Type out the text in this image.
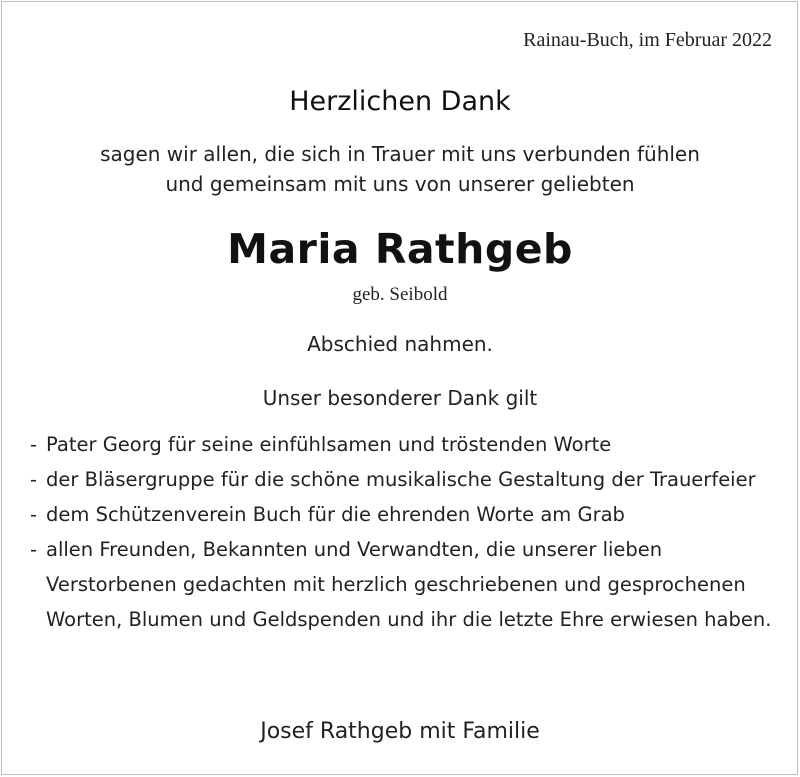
Rainau-Buch, im Februar 2022
Herzlichen Dank
sagen wir allen, die sich in Trauer mit uns verbunden fühlen
und gemeinsam mit uns von unserer geliebten
Maria Rathgeb
geb. Seibold
Abschied nahmen.
Unser besonderer Dank gilt
- Pater Georg für seine einfühlsamen und tröstenden Worte
- der Bläsergruppe für die schöne musikalische Gestaltung der Trauerfeier
- dem Schützenverein Buch für die ehrenden Worte am Grab
- allen Freunden, Bekannten und Verwandten, die unserer lieben Verstorbenen gedachten mit herzlich geschriebenen und gesprochenen Worten, Blumen und Geldspenden und ihr die letzte Ehre erwiesen haben.
Josef Rathgeb mit Familie
